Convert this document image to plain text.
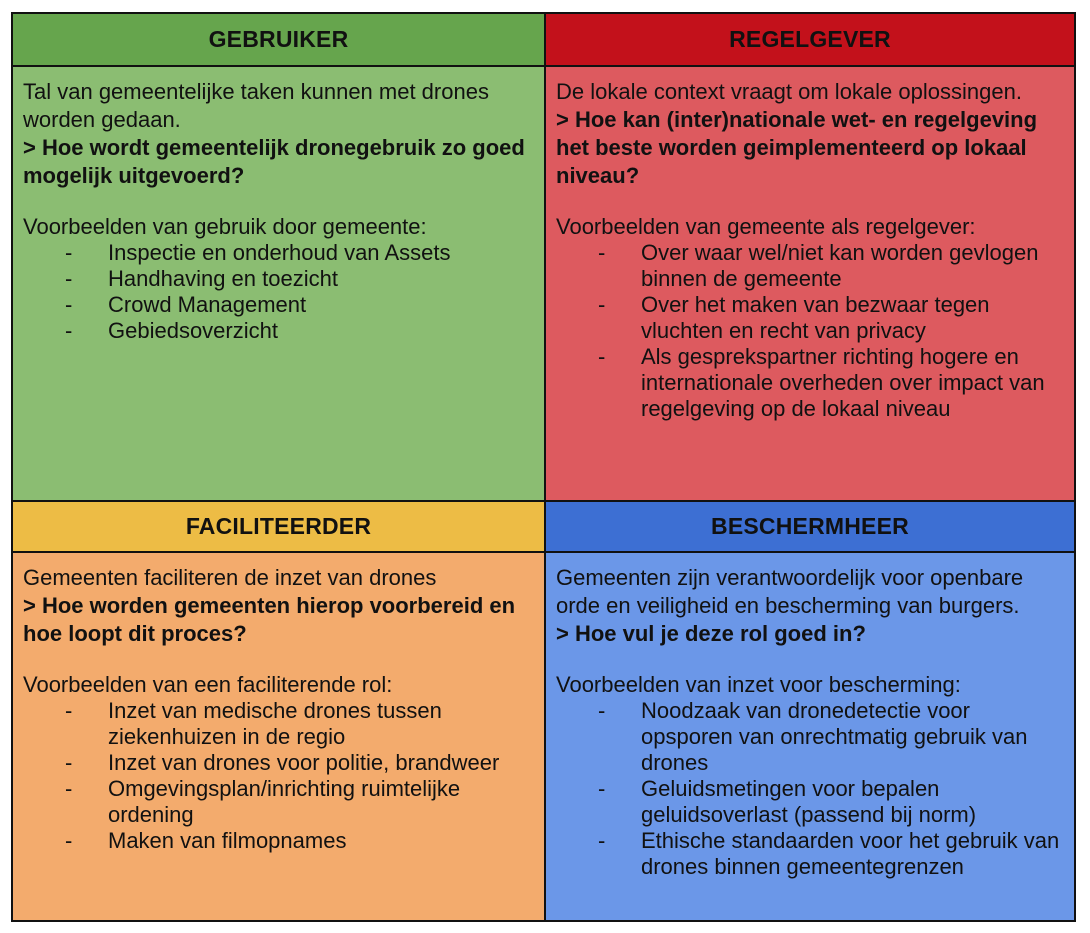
GEBRUIKER
Tal van gemeentelijke taken kunnen met drones worden gedaan.
> Hoe wordt gemeentelijk dronegebruik zo goed mogelijk uitgevoerd?
Voorbeelden van gebruik door gemeente:
- Inspectie en onderhoud van Assets
- Handhaving en toezicht
- Crowd Management
- Gebiedsoverzicht
REGELGEVER
De lokale context vraagt om lokale oplossingen.
> Hoe kan (inter)nationale wet- en regelgeving het beste worden geimplementeerd op lokaal niveau?
Voorbeelden van gemeente als regelgever:
- Over waar wel/niet kan worden gevlogen binnen de gemeente
- Over het maken van bezwaar tegen vluchten en recht van privacy
- Als gesprekspartner richting hogere en internationale overheden over impact van regelgeving op de lokaal niveau
FACILITEERDER
Gemeenten faciliteren de inzet van drones
> Hoe worden gemeenten hierop voorbereid en hoe loopt dit proces?
Voorbeelden van een faciliterende rol:
- Inzet van medische drones tussen ziekenhuizen in de regio
- Inzet van drones voor politie, brandweer
- Omgevingsplan/inrichting ruimtelijke ordening
- Maken van filmopnames
BESCHERMHEER
Gemeenten zijn verantwoordelijk voor openbare orde en veiligheid en bescherming van burgers.
> Hoe vul je deze rol goed in?
Voorbeelden van inzet voor bescherming:
- Noodzaak van dronedetectie voor opsporen van onrechtmatig gebruik van drones
- Geluidsmetingen voor bepalen geluidsoverlast (passend bij norm)
- Ethische standaarden voor het gebruik van drones binnen gemeentegrenzen
